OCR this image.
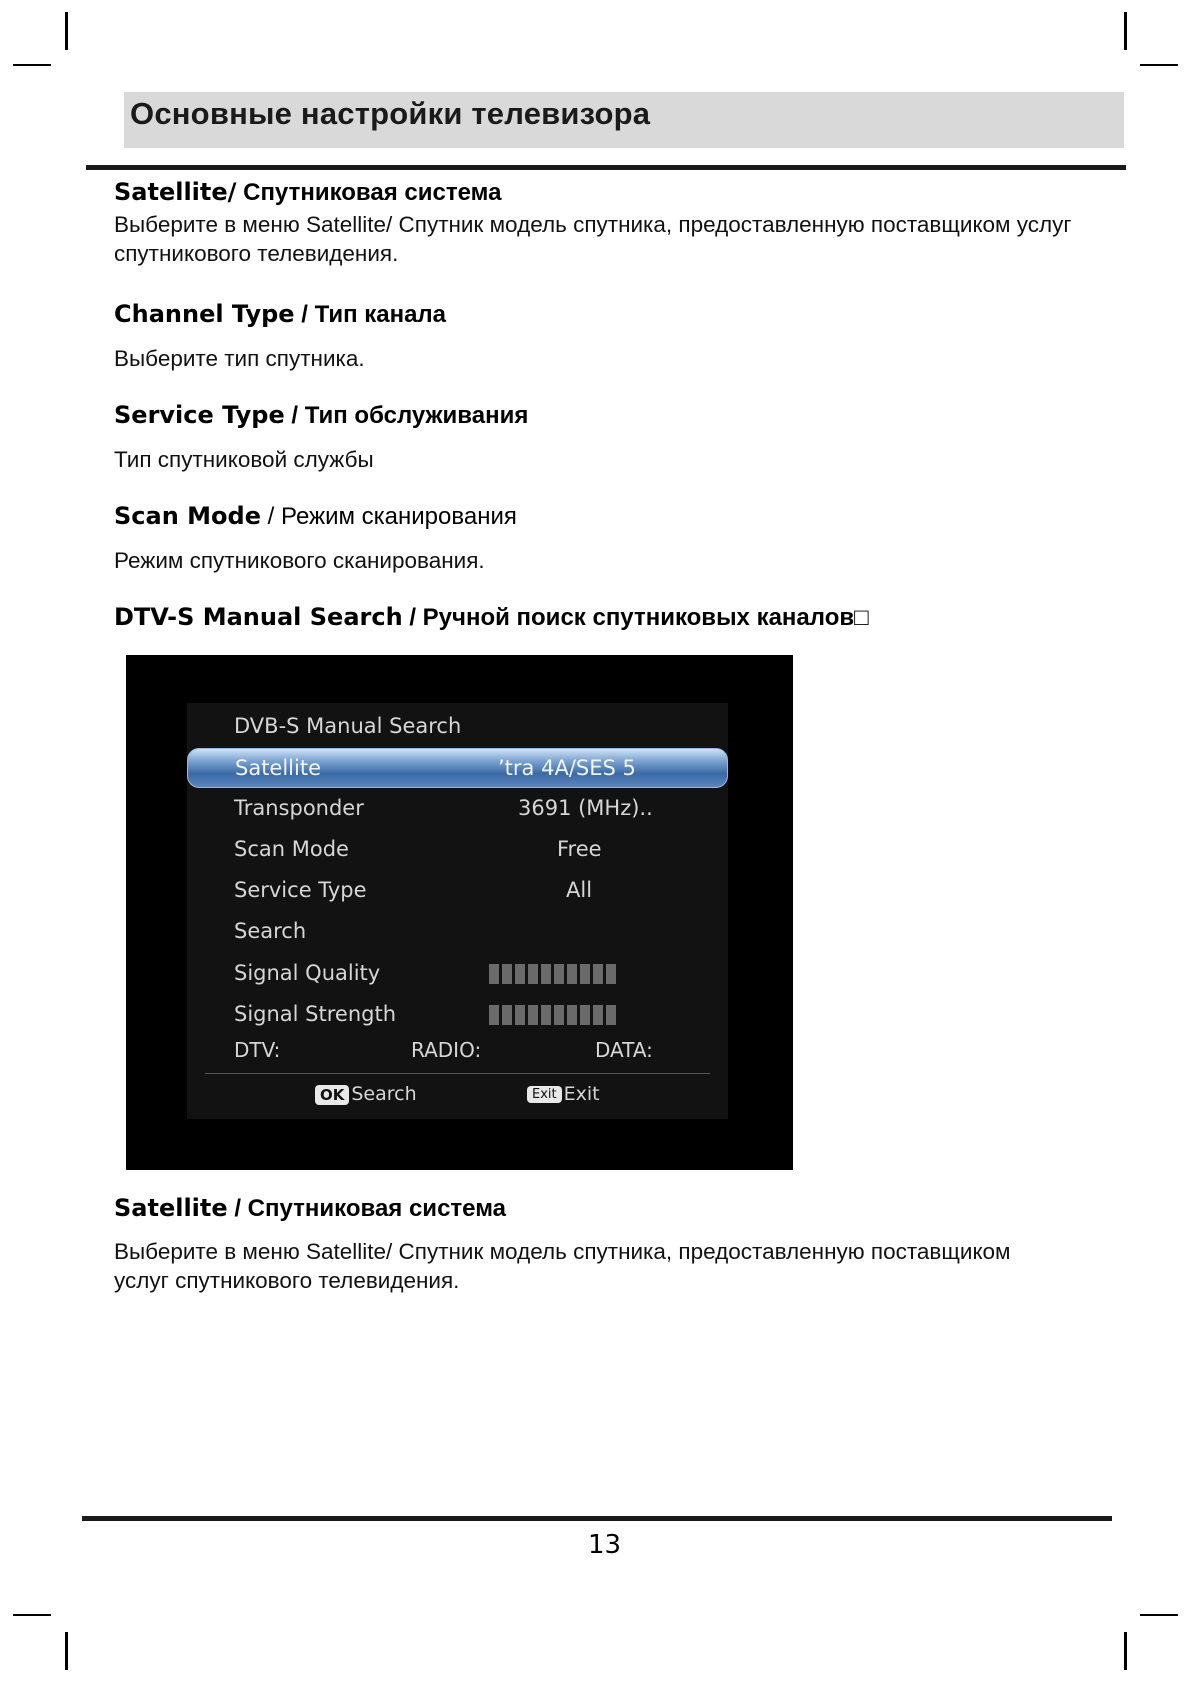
Основные настройки телевизора
Satellite/ Спутниковая система
Выберите в меню Satellite/ Спутник модель спутника, предоставленную поставщиком услуг
спутникового телевидения.
Channel Type / Тип канала
Выберите тип спутника.
Service Type / Тип обслуживания
Тип спутниковой службы
Scan Mode / Режим сканирования
Режим спутникового сканирования.
DTV-S Manual Search / Ручной поиск спутниковых каналов□
DVB-S Manual Search
Satellite	’tra 4A/SES 5
Transponder	3691 (MHz)..
Scan Mode	Free
Service Type	All
Search
Signal Quality
Signal Strength
DTV:	RADIO:	DATA:
OK Search	Exit Exit
Satellite / Спутниковая система
Выберите в меню Satellite/ Спутник модель спутника, предоставленную поставщиком
услуг спутникового телевидения.
13
